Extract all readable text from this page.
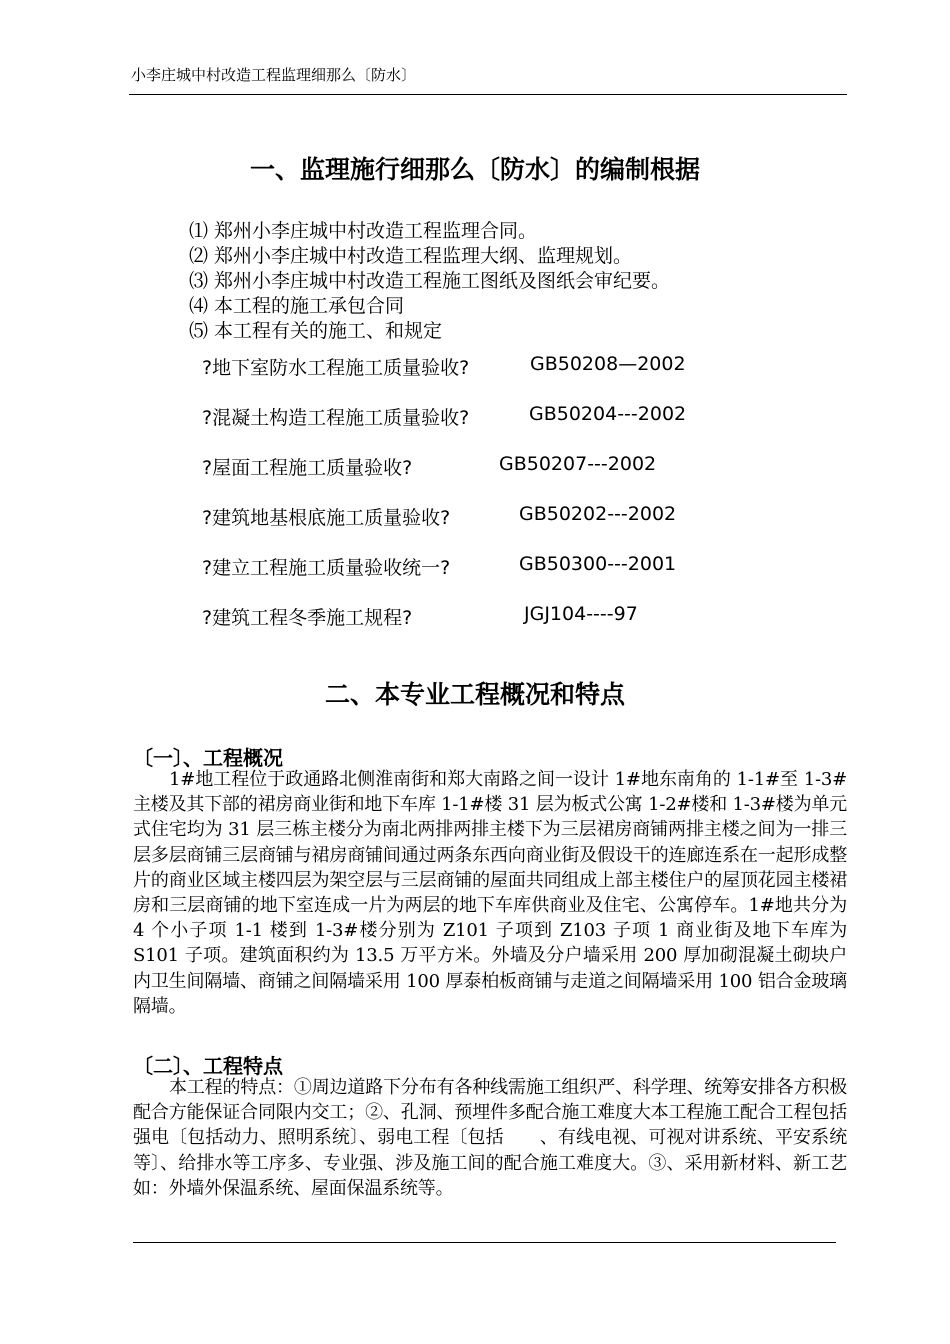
小李庄城中村改造工程监理细那么〔防水〕
一、监理施行细那么〔防水〕的编制根据
⑴ 郑州小李庄城中村改造工程监理合同。
⑵ 郑州小李庄城中村改造工程监理大纲、监理规划。
⑶ 郑州小李庄城中村改造工程施工图纸及图纸会审纪要。
⑷ 本工程的施工承包合同
⑸ 本工程有关的施工、和规定
?地下室防水工程施工质量验收?	GB50208—2002
?混凝土构造工程施工质量验收?	GB50204---2002
?屋面工程施工质量验收?	GB50207---2002
?建筑地基根底施工质量验收?	GB50202---2002
?建立工程施工质量验收统一?	GB50300---2001
?建筑工程冬季施工规程?	JGJ104----97
二、本专业工程概况和特点
〔一〕、工程概况
1#地工程位于政通路北侧淮南街和郑大南路之间一设计 1#地东南角的 1-1#至 1-3#主楼及其下部的裙房商业街和地下车库 1-1#楼 31 层为板式公寓 1-2#楼和 1-3#楼为单元式住宅均为 31 层三栋主楼分为南北两排两排主楼下为三层裙房商铺两排主楼之间为一排三层多层商铺三层商铺与裙房商铺间通过两条东西向商业街及假设干的连廊连系在一起形成整片的商业区域主楼四层为架空层与三层商铺的屋面共同组成上部主楼住户的屋顶花园主楼裙房和三层商铺的地下室连成一片为两层的地下车库供商业及住宅、公寓停车。1#地共分为 4 个小子项 1-1 楼到 1-3#楼分别为 Z101 子项到 Z103 子项 1 商业街及地下车库为 S101 子项。建筑面积约为 13.5 万平方米。外墙及分户墙采用 200 厚加砌混凝土砌块户内卫生间隔墙、商铺之间隔墙采用 100 厚泰柏板商铺与走道之间隔墙采用 100 铝合金玻璃隔墙。
〔二〕、工程特点
本工程的特点：①周边道路下分布有各种线需施工组织严、科学理、统筹安排各方积极配合方能保证合同限内交工；②、孔洞、预埋件多配合施工难度大本工程施工配合工程包括强电〔包括动力、照明系统〕、弱电工程〔包括　　、有线电视、可视对讲系统、平安系统等〕、给排水等工序多、专业强、涉及施工间的配合施工难度大。③、采用新材料、新工艺如：外墙外保温系统、屋面保温系统等。
